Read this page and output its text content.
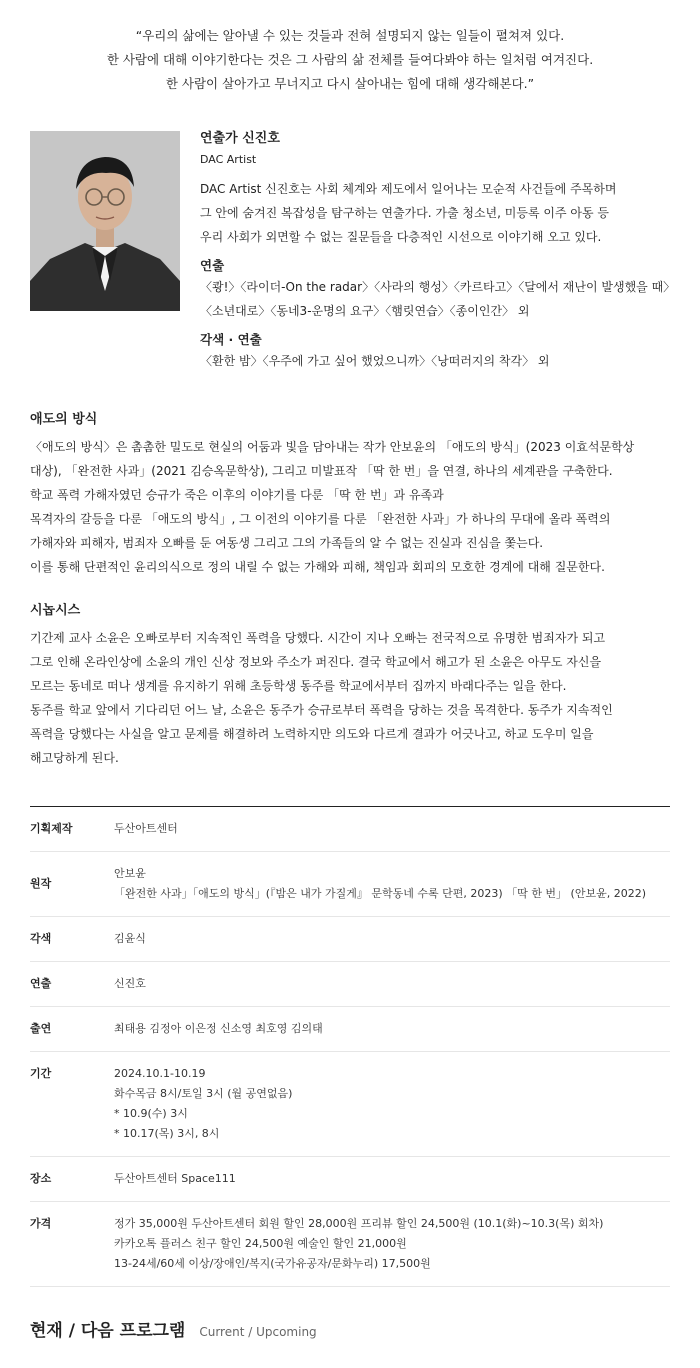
“우리의 삶에는 알아낼 수 있는 것들과 전혀 설명되지 않는 일들이 펼쳐져 있다.
한 사람에 대해 이야기한다는 것은 그 사람의 삶 전체를 들여다봐야 하는 일처럼 여겨진다.
한 사람이 살아가고 무너지고 다시 살아내는 힘에 대해 생각해본다.”
연출가 신진호
DAC Artist
DAC Artist 신진호는 사회 체계와 제도에서 일어나는 모순적 사건들에 주목하며
그 안에 숨겨진 복잡성을 탐구하는 연출가다. 가출 청소년, 미등록 이주 아동 등
우리 사회가 외면할 수 없는 질문들을 다층적인 시선으로 이야기해 오고 있다.
연출
〈쾅!〉〈라이더-On the radar〉〈사라의 행성〉〈카르타고〉〈달에서 재난이 발생했을 때〉
〈소년대로〉〈동네3-운명의 요구〉〈햄릿연습〉〈종이인간〉 외
각색 · 연출
〈환한 밤〉〈우주에 가고 싶어 했었으니까〉〈낭떠러지의 착각〉 외
애도의 방식
〈애도의 방식〉은 촘촘한 밀도로 현실의 어둠과 빛을 담아내는 작가 안보윤의 「애도의 방식」(2023 이효석문학상
대상), 「완전한 사과」(2021 김승옥문학상), 그리고 미발표작 「딱 한 번」을 연결, 하나의 세계관을 구축한다.
학교 폭력 가해자였던 승규가 죽은 이후의 이야기를 다룬 「딱 한 번」과 유족과
목격자의 갈등을 다룬 「애도의 방식」, 그 이전의 이야기를 다룬 「완전한 사과」가 하나의 무대에 올라 폭력의
가해자와 피해자, 범죄자 오빠를 둔 여동생 그리고 그의 가족들의 알 수 없는 진실과 진심을 쫓는다.
이를 통해 단편적인 윤리의식으로 정의 내릴 수 없는 가해와 피해, 책임과 회피의 모호한 경계에 대해 질문한다.
시놉시스
기간제 교사 소윤은 오빠로부터 지속적인 폭력을 당했다. 시간이 지나 오빠는 전국적으로 유명한 범죄자가 되고
그로 인해 온라인상에 소윤의 개인 신상 정보와 주소가 퍼진다. 결국 학교에서 해고가 된 소윤은 아무도 자신을
모르는 동네로 떠나 생계를 유지하기 위해 초등학생 동주를 학교에서부터 집까지 바래다주는 일을 한다.
동주를 학교 앞에서 기다리던 어느 날, 소윤은 동주가 승규로부터 폭력을 당하는 것을 목격한다. 동주가 지속적인
폭력을 당했다는 사실을 알고 문제를 해결하려 노력하지만 의도와 다르게 결과가 어긋나고, 하교 도우미 일을
해고당하게 된다.
기획제작	두산아트센터
원작
안보윤
「완전한 사과」「애도의 방식」(『밤은 내가 가질게』 문학동네 수록 단편, 2023) 「딱 한 번」 (안보윤, 2022)
각색	김윤식
연출	신진호
출연	최태용 김정아 이은정 신소영 최호영 김의태
기간	2024.10.1-10.19
화수목금 8시/토일 3시 (월 공연없음)
* 10.9(수) 3시
* 10.17(목) 3시, 8시
장소	두산아트센터 Space111
가격	정가 35,000원 두산아트센터 회원 할인 28,000원 프리뷰 할인 24,500원 (10.1(화)~10.3(목) 회차)
카카오톡 플러스 친구 할인 24,500원 예술인 할인 21,000원
13-24세/60세 이상/장애인/복지(국가유공자/문화누리) 17,500원
현재 / 다음 프로그램 Current / Upcoming
